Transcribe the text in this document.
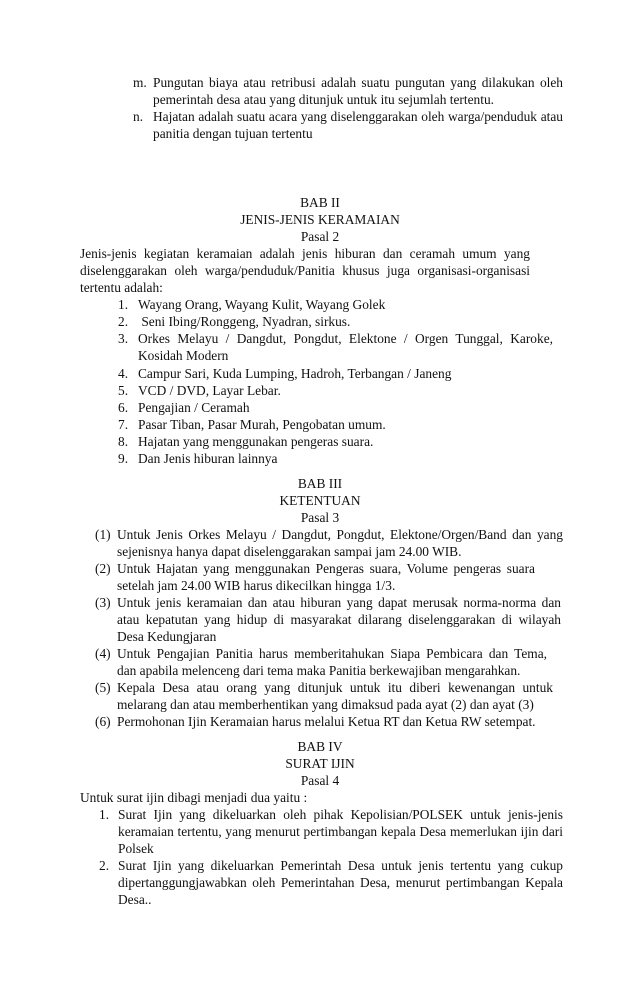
m. Pungutan biaya atau retribusi adalah suatu pungutan yang dilakukan oleh pemerintah desa atau yang ditunjuk untuk itu sejumlah tertentu.
n. Hajatan adalah suatu acara yang diselenggarakan oleh warga/penduduk atau panitia dengan tujuan tertentu
BAB II
JENIS-JENIS KERAMAIAN
Pasal 2
Jenis-jenis kegiatan keramaian adalah jenis hiburan dan ceramah umum yang diselenggarakan oleh warga/penduduk/Panitia khusus juga organisasi-organisasi tertentu adalah:
1. Wayang Orang, Wayang Kulit, Wayang Golek
2. Seni Ibing/Ronggeng, Nyadran, sirkus.
3. Orkes Melayu / Dangdut, Pongdut, Elektone / Orgen Tunggal, Karoke, Kosidah Modern
4. Campur Sari, Kuda Lumping, Hadroh, Terbangan / Janeng
5. VCD / DVD, Layar Lebar.
6. Pengajian / Ceramah
7. Pasar Tiban, Pasar Murah, Pengobatan umum.
8. Hajatan yang menggunakan pengeras suara.
9. Dan Jenis hiburan lainnya
BAB III
KETENTUAN
Pasal 3
(1) Untuk Jenis Orkes Melayu / Dangdut, Pongdut, Elektone/Orgen/Band dan yang sejenisnya hanya dapat diselenggarakan sampai jam 24.00 WIB.
(2) Untuk Hajatan yang menggunakan Pengeras suara, Volume pengeras suara setelah jam 24.00 WIB harus dikecilkan hingga 1/3.
(3) Untuk jenis keramaian dan atau hiburan yang dapat merusak norma-norma dan atau kepatutan yang hidup di masyarakat dilarang diselenggarakan di wilayah Desa Kedungjaran
(4) Untuk Pengajian Panitia harus memberitahukan Siapa Pembicara dan Tema, dan apabila melenceng dari tema maka Panitia berkewajiban mengarahkan.
(5) Kepala Desa atau orang yang ditunjuk untuk itu diberi kewenangan untuk melarang dan atau memberhentikan yang dimaksud pada ayat (2) dan ayat (3)
(6) Permohonan Ijin Keramaian harus melalui Ketua RT dan Ketua RW setempat.
BAB IV
SURAT IJIN
Pasal 4
Untuk surat ijin dibagi menjadi dua yaitu :
1. Surat Ijin yang dikeluarkan oleh pihak Kepolisian/POLSEK untuk jenis-jenis keramaian tertentu, yang menurut pertimbangan kepala Desa memerlukan ijin dari Polsek
2. Surat Ijin yang dikeluarkan Pemerintah Desa untuk jenis tertentu yang cukup dipertanggungjawabkan oleh Pemerintahan Desa, menurut pertimbangan Kepala Desa..
